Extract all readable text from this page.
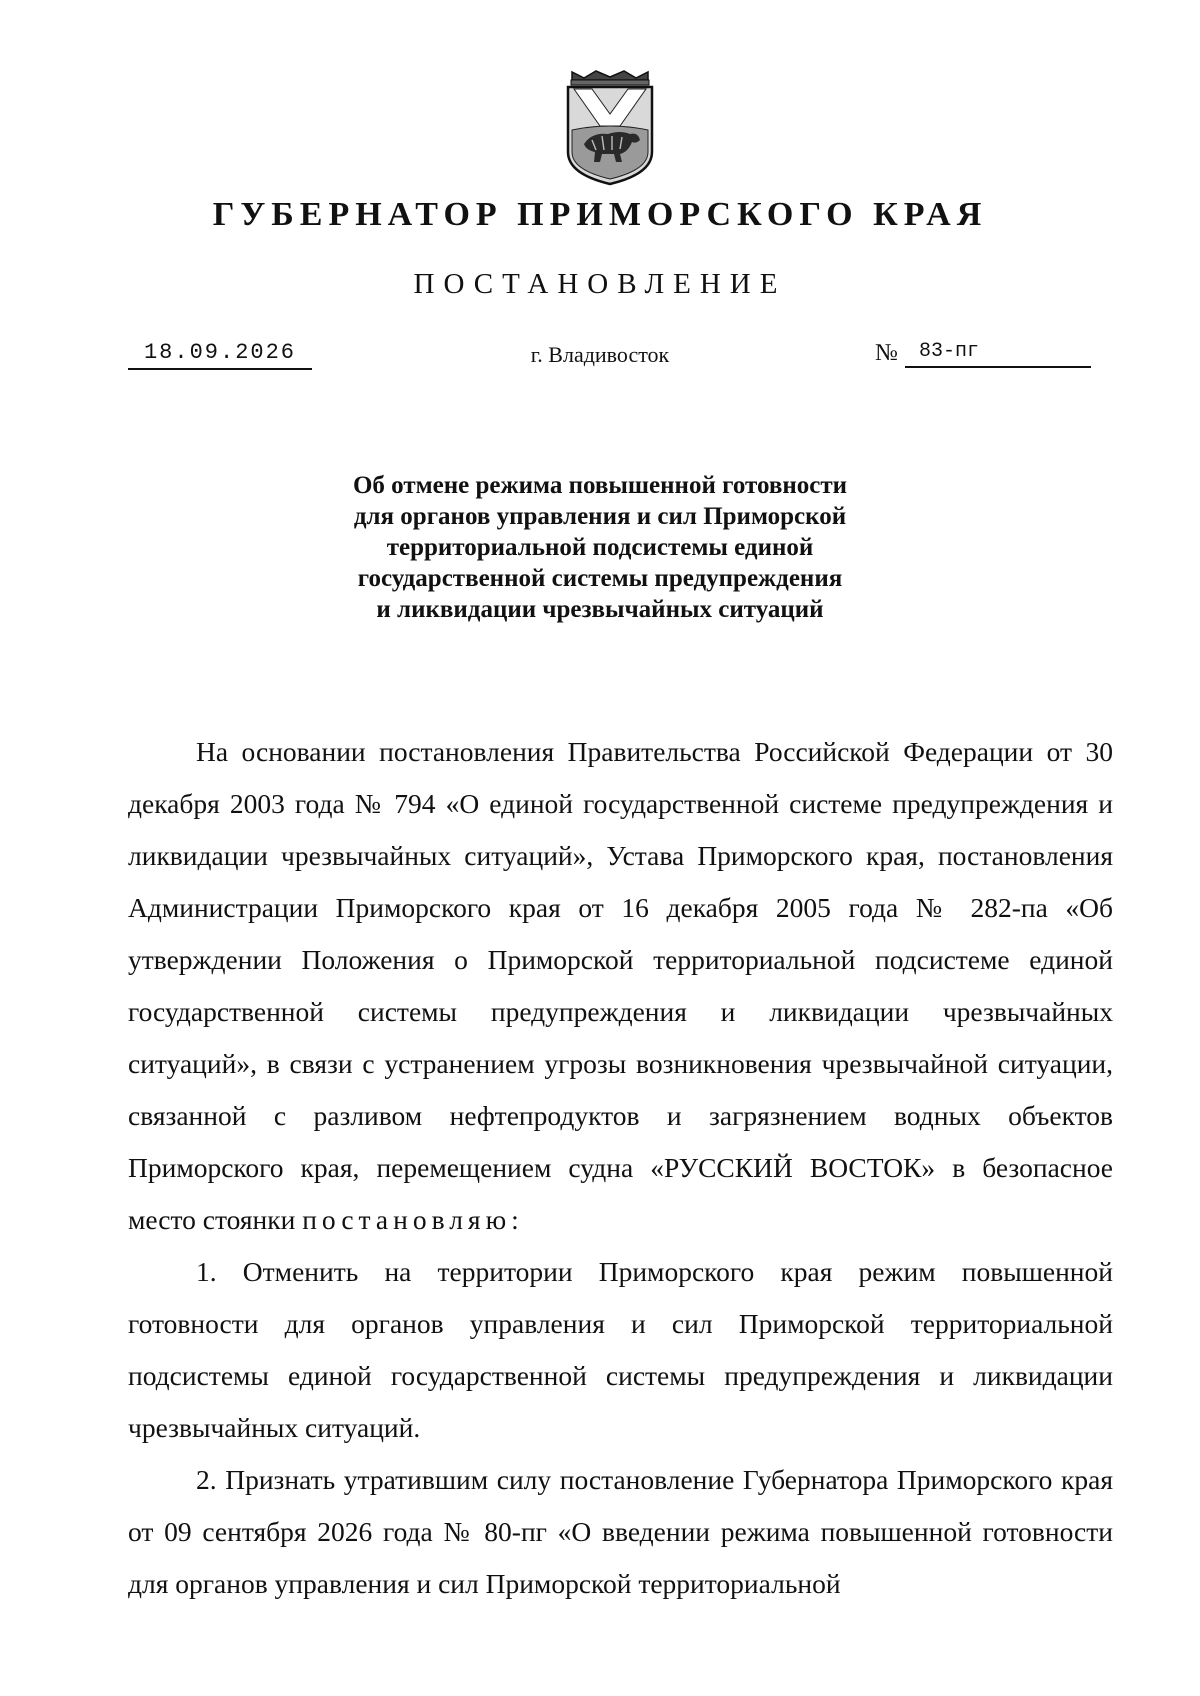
ГУБЕРНАТОР ПРИМОРСКОГО КРАЯ
ПОСТАНОВЛЕНИЕ
18.09.2026	г. Владивосток	№	83-пг
Об отмене режима повышенной готовности
для органов управления и сил Приморской
территориальной подсистемы единой
государственной системы предупреждения
и ликвидации чрезвычайных ситуаций

На основании постановления Правительства Российской Федерации от 30 декабря 2003 года № 794 «О единой государственной системе предупреждения и ликвидации чрезвычайных ситуаций», Устава Приморского края, постановления Администрации Приморского края от 16 декабря 2005 года № 282-па «Об утверждении Положения о Приморской территориальной подсистеме единой государственной системы предупреждения и ликвидации чрезвычайных ситуаций», в связи с устранением угрозы возникновения чрезвычайной ситуации, связанной с разливом нефтепродуктов и загрязнением водных объектов Приморского края, перемещением судна «РУССКИЙ ВОСТОК» в безопасное место стоянки постановляю:

1. Отменить на территории Приморского края режим повышенной готовности для органов управления и сил Приморской территориальной подсистемы единой государственной системы предупреждения и ликвидации чрезвычайных ситуаций.

2. Признать утратившим силу постановление Губернатора Приморского края от 09 сентября 2026 года № 80-пг «О введении режима повышенной готовности для органов управления и сил Приморской территориальной
